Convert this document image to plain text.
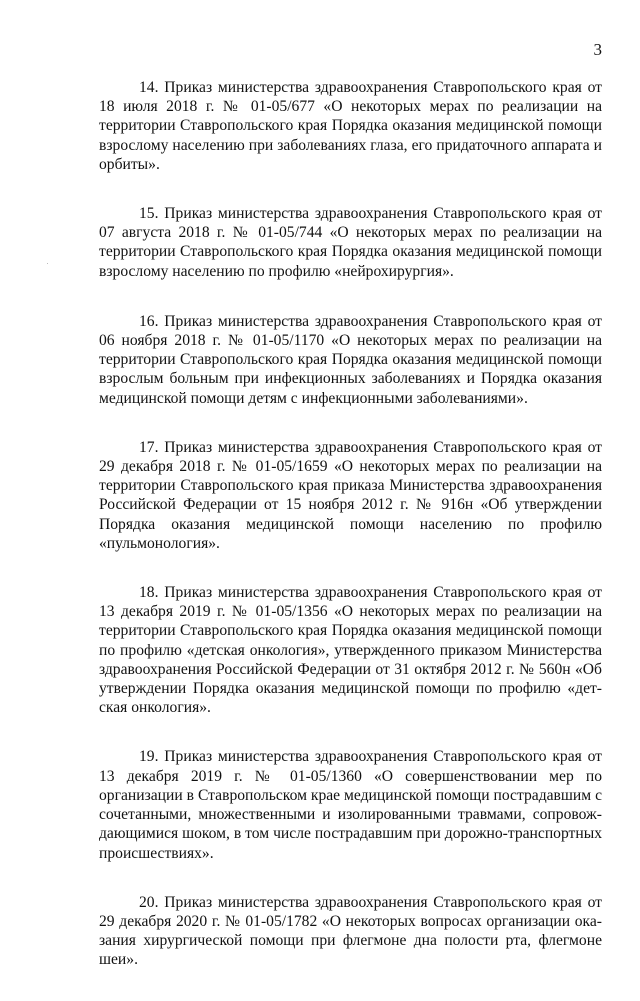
3

14. Приказ министерства здравоохранения Ставропольского края от 18 июля 2018 г. № 01-05/677 «О некоторых мерах по реализации на территории Ставропольского края Порядка оказания медицинской помощи взрослому населению при заболеваниях глаза, его придаточного аппарата и орбиты».

15. Приказ министерства здравоохранения Ставропольского края от 07 августа 2018 г. № 01-05/744 «О некоторых мерах по реализации на территории Ставропольского края Порядка оказания медицинской помощи взрослому населению по профилю «нейрохирургия».

16. Приказ министерства здравоохранения Ставропольского края от 06 ноября 2018 г. № 01-05/1170 «О некоторых мерах по реализации на территории Ставропольского края Порядка оказания медицинской помощи взрослым больным при инфекционных заболеваниях и Порядка оказания медицинской помощи детям с инфекционными заболеваниями».

17. Приказ министерства здравоохранения Ставропольского края от 29 декабря 2018 г. № 01-05/1659 «О некоторых мерах по реализации на территории Ставропольского края приказа Министерства здравоохранения Российской Федерации от 15 ноября 2012 г. № 916н «Об утверждении Порядка оказания медицинской помощи населению по профилю «пульмонология».

18. Приказ министерства здравоохранения Ставропольского края от 13 декабря 2019 г. № 01-05/1356 «О некоторых мерах по реализации на территории Ставропольского края Порядка оказания медицинской помощи по профилю «детская онкология», утвержденного приказом Министерства здравоохранения Российской Федерации от 31 октября 2012 г. № 560н «Об утверждении Порядка оказания медицинской помощи по профилю «дет-ская онкология».

19. Приказ министерства здравоохранения Ставропольского края от 13 декабря 2019 г. № 01-05/1360 «О совершенствовании мер по организации в Ставропольском крае медицинской помощи пострадавшим с сочетанными, множественными и изолированными травмами, сопровож-дающимися шоком, в том числе пострадавшим при дорожно-транспортных происшествиях».

20. Приказ министерства здравоохранения Ставропольского края от 29 декабря 2020 г. № 01-05/1782 «О некоторых вопросах организации ока-зания хирургической помощи при флегмоне дна полости рта, флегмоне шеи».
